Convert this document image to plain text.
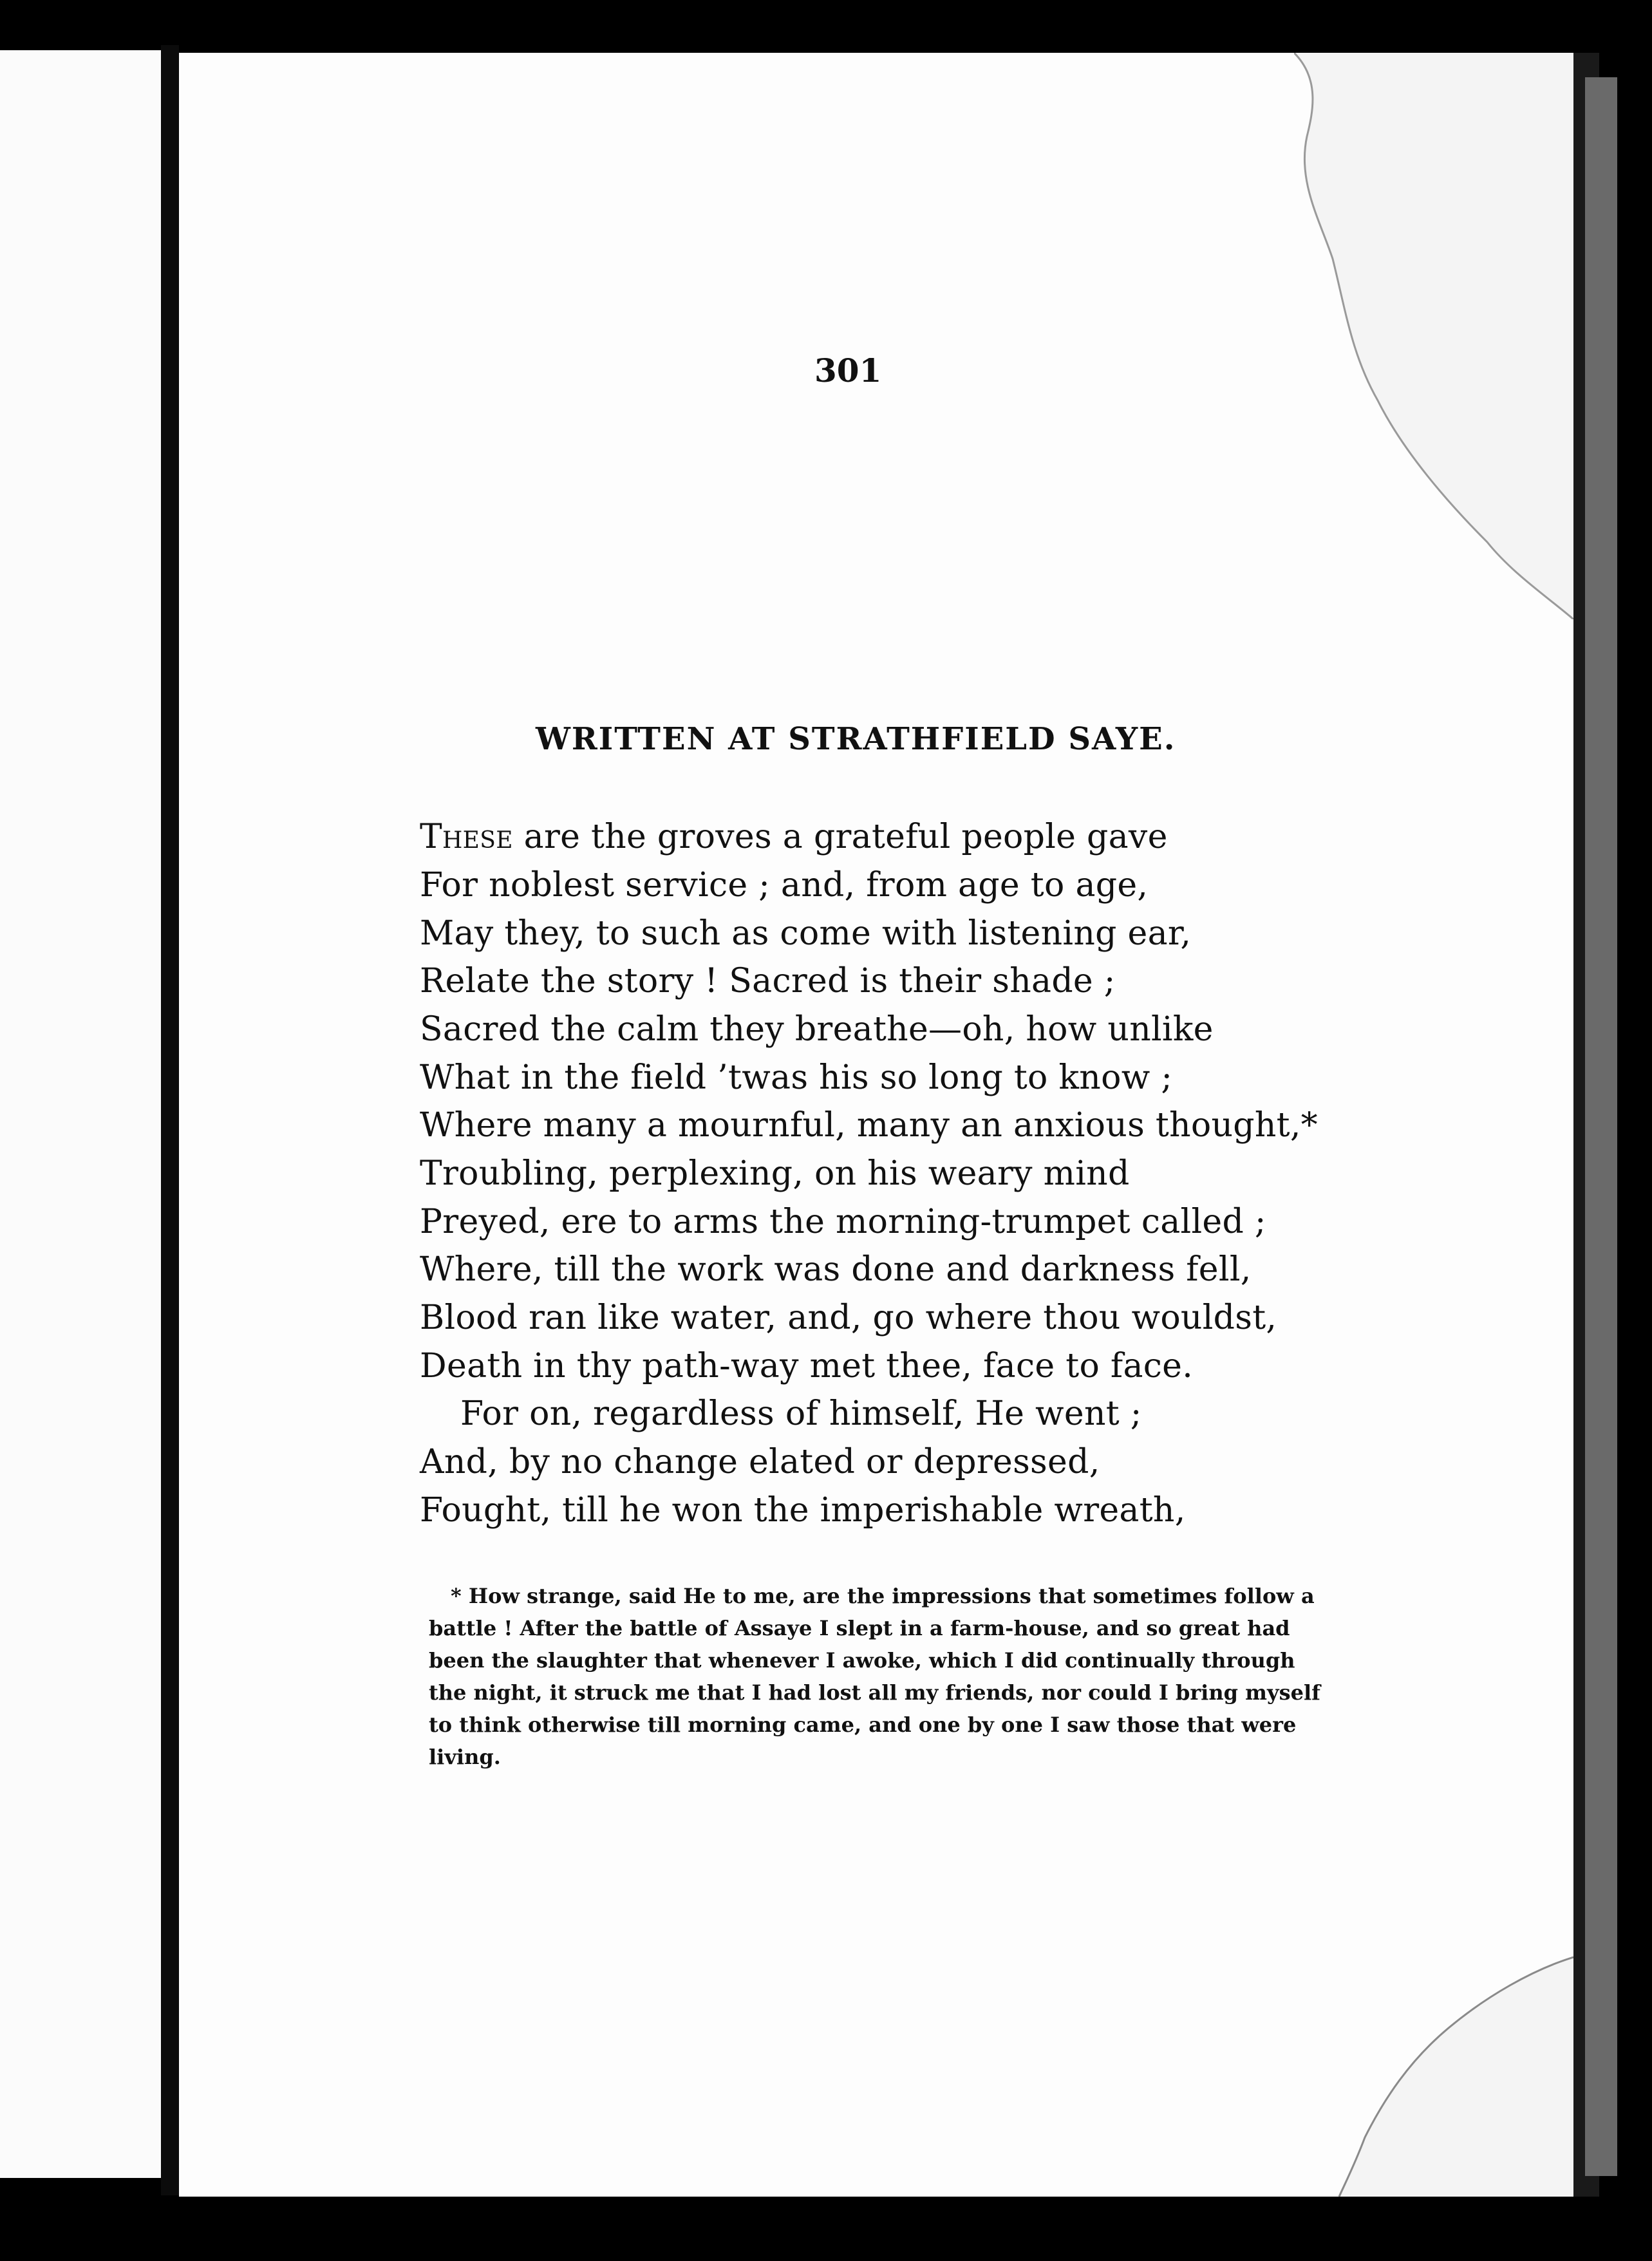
301

WRITTEN AT STRATHFIELD SAYE.

These are the groves a grateful people gave

For noblest service ; and, from age to age,

May they, to such as come with listening ear,

Relate the story ! Sacred is their shade ;

Sacred the calm they breathe—oh, how unlike

What in the field ’twas his so long to know ;

Where many a mournful, many an anxious thought,*

Troubling, perplexing, on his weary mind

Preyed, ere to arms the morning-trumpet called ;

Where, till the work was done and darkness fell,

Blood ran like water, and, go where thou wouldst,

Death in thy path-way met thee, face to face.

For on, regardless of himself, He went ;

And, by no change elated or depressed,

Fought, till he won the imperishable wreath,

* How strange, said He to me, are the impressions that sometimes follow a

battle ! After the battle of Assaye I slept in a farm-house, and so great had

been the slaughter that whenever I awoke, which I did continually through

the night, it struck me that I had lost all my friends, nor could I bring myself

to think otherwise till morning came, and one by one I saw those that were

living.
